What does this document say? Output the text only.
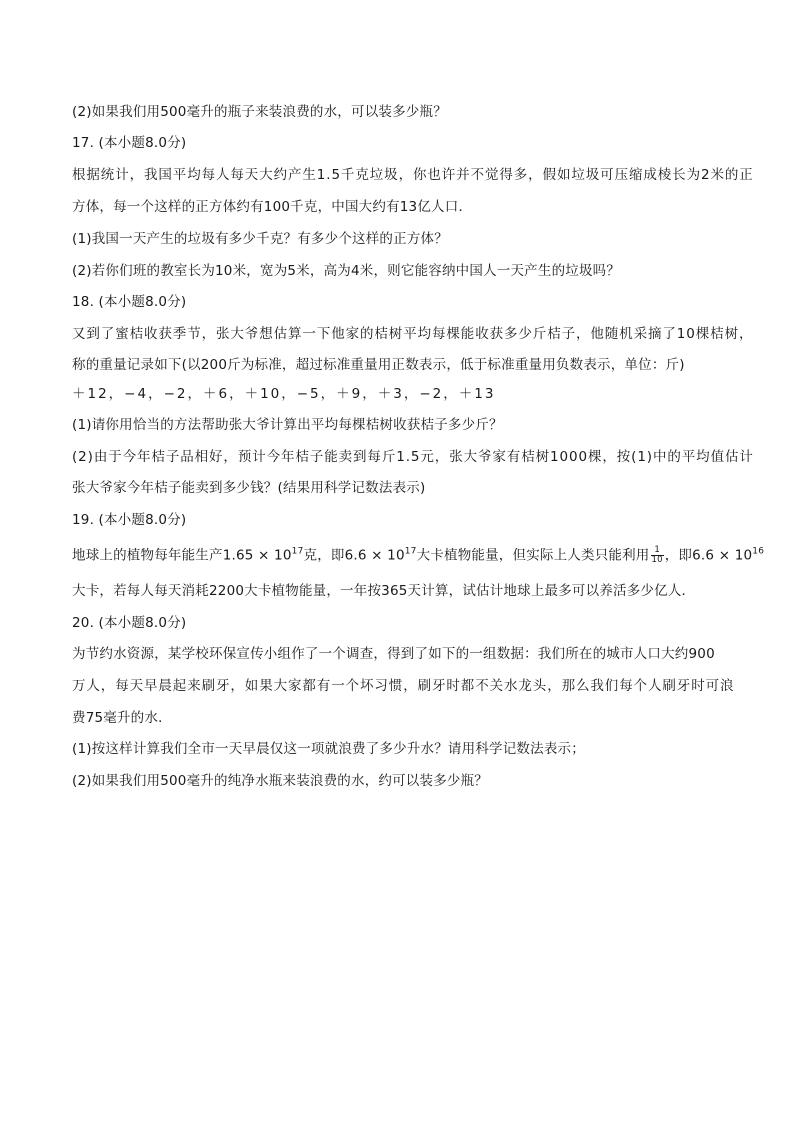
(2)如果我们用500毫升的瓶子来装浪费的水，可以装多少瓶？
17. (本小题8.0分)
根据统计，我国平均每人每天大约产生1.5千克垃圾，你也许并不觉得多，假如垃圾可压缩成棱长为2米的正
方体，每一个这样的正方体约有100千克，中国大约有13亿人口．
(1)我国一天产生的垃圾有多少千克？有多少个这样的正方体？
(2)若你们班的教室长为10米，宽为5米，高为4米，则它能容纳中国人一天产生的垃圾吗？
18. (本小题8.0分)
又到了蜜桔收获季节，张大爷想估算一下他家的桔树平均每棵能收获多少斤桔子，他随机采摘了10棵桔树，
称的重量记录如下(以200斤为标准，超过标准重量用正数表示，低于标准重量用负数表示，单位：斤)
＋12，−4，−2，＋6，＋10，−5，＋9，＋3，−2，＋13
(1)请你用恰当的方法帮助张大爷计算出平均每棵桔树收获桔子多少斤？
(2)由于今年桔子品相好，预计今年桔子能卖到每斤1.5元，张大爷家有桔树1000棵，按(1)中的平均值估计
张大爷家今年桔子能卖到多少钱？(结果用科学记数法表示)
19. (本小题8.0分)
地球上的植物每年能生产$1.65 \times 10^{17}$克，即$6.6 \times 10^{17}$大卡植物能量，但实际上人类只能利用 $\frac{1}{10}$ ，即$6.6 \times 10^{16}$
大卡，若每人每天消耗2200大卡植物能量，一年按365天计算，试估计地球上最多可以养活多少亿人．
20. (本小题8.0分)
为节约水资源，某学校环保宣传小组作了一个调查，得到了如下的一组数据：我们所在的城市人口大约900
万人，每天早晨起来刷牙，如果大家都有一个坏习惯，刷牙时都不关水龙头，那么我们每个人刷牙时可浪
费75毫升的水．
(1)按这样计算我们全市一天早晨仅这一项就浪费了多少升水？请用科学记数法表示；
(2)如果我们用500毫升的纯净水瓶来装浪费的水，约可以装多少瓶？
